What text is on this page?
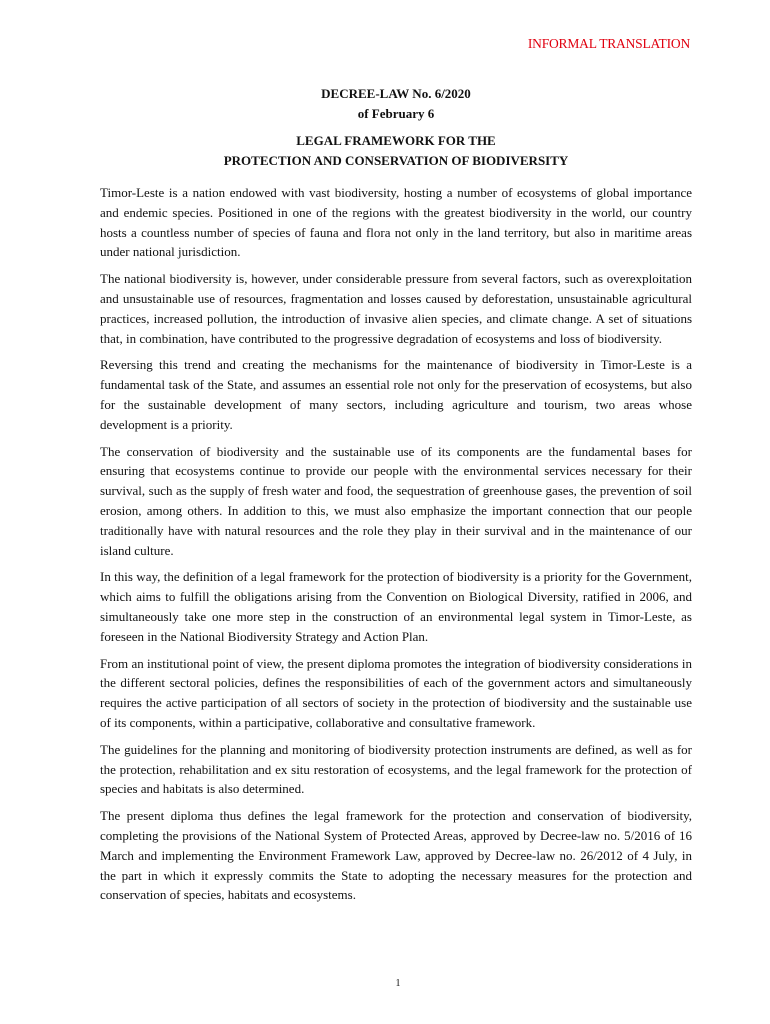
INFORMAL TRANSLATION
DECREE-LAW No. 6/2020
of February 6
LEGAL FRAMEWORK FOR THE
PROTECTION AND CONSERVATION OF BIODIVERSITY

Timor-Leste is a nation endowed with vast biodiversity, hosting a number of ecosystems of global importance and endemic species. Positioned in one of the regions with the greatest biodiversity in the world, our country hosts a countless number of species of fauna and flora not only in the land territory, but also in maritime areas under national jurisdiction.

The national biodiversity is, however, under considerable pressure from several factors, such as overexploitation and unsustainable use of resources, fragmentation and losses caused by deforestation, unsustainable agricultural practices, increased pollution, the introduction of invasive alien species, and climate change. A set of situations that, in combination, have contributed to the progressive degradation of ecosystems and loss of biodiversity.

Reversing this trend and creating the mechanisms for the maintenance of biodiversity in Timor-Leste is a fundamental task of the State, and assumes an essential role not only for the preservation of ecosystems, but also for the sustainable development of many sectors, including agriculture and tourism, two areas whose development is a priority.

The conservation of biodiversity and the sustainable use of its components are the fundamental bases for ensuring that ecosystems continue to provide our people with the environmental services necessary for their survival, such as the supply of fresh water and food, the sequestration of greenhouse gases, the prevention of soil erosion, among others. In addition to this, we must also emphasize the important connection that our people traditionally have with natural resources and the role they play in their survival and in the maintenance of our island culture.

In this way, the definition of a legal framework for the protection of biodiversity is a priority for the Government, which aims to fulfill the obligations arising from the Convention on Biological Diversity, ratified in 2006, and simultaneously take one more step in the construction of an environmental legal system in Timor-Leste, as foreseen in the National Biodiversity Strategy and Action Plan.

From an institutional point of view, the present diploma promotes the integration of biodiversity considerations in the different sectoral policies, defines the responsibilities of each of the government actors and simultaneously requires the active participation of all sectors of society in the protection of biodiversity and the sustainable use of its components, within a participative, collaborative and consultative framework.

The guidelines for the planning and monitoring of biodiversity protection instruments are defined, as well as for the protection, rehabilitation and ex situ restoration of ecosystems, and the legal framework for the protection of species and habitats is also determined.

The present diploma thus defines the legal framework for the protection and conservation of biodiversity, completing the provisions of the National System of Protected Areas, approved by Decree-law no. 5/2016 of 16 March and implementing the Environment Framework Law, approved by Decree-law no. 26/2012 of 4 July, in the part in which it expressly commits the State to adopting the necessary measures for the protection and conservation of species, habitats and ecosystems.

1
